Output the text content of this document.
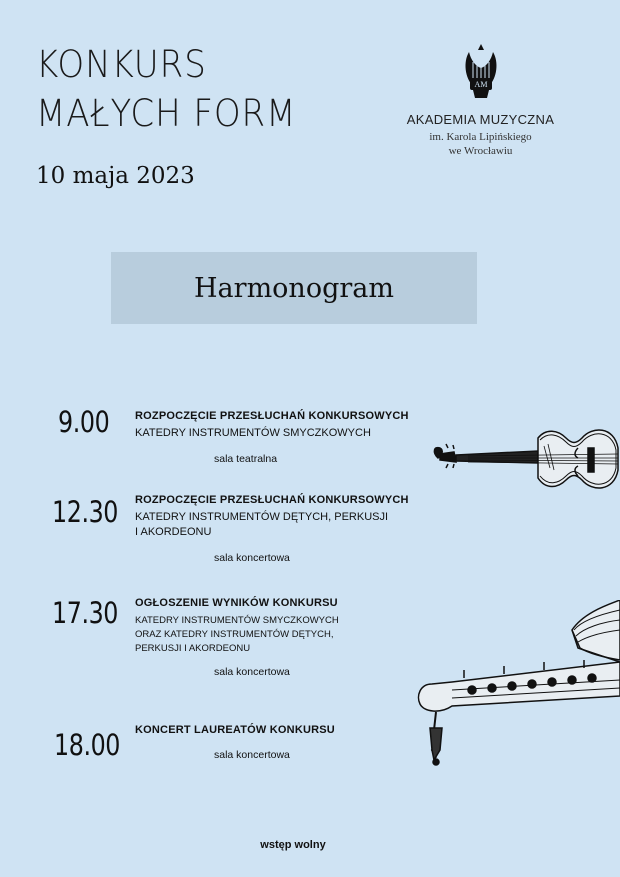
KONKURS
MAŁYCH FORM
10 maja 2023
AM
AKADEMIA MUZYCZNA
im. Karola Lipińskiego
we Wrocławiu
Harmonogram
9.00 ROZPOCZĘCIE PRZESŁUCHAŃ KONKURSOWYCH
KATEDRY INSTRUMENTÓW SMYCZKOWYCH
sala teatralna
12.30 ROZPOCZĘCIE PRZESŁUCHAŃ KONKURSOWYCH
KATEDRY INSTRUMENTÓW DĘTYCH, PERKUSJI
I AKORDEONU
sala koncertowa
17.30 OGŁOSZENIE WYNIKÓW KONKURSU
KATEDRY INSTRUMENTÓW SMYCZKOWYCH
ORAZ KATEDRY INSTRUMENTÓW DĘTYCH,
PERKUSJI I AKORDEONU
sala koncertowa
18.00 KONCERT LAUREATÓW KONKURSU
sala koncertowa
wstęp wolny
